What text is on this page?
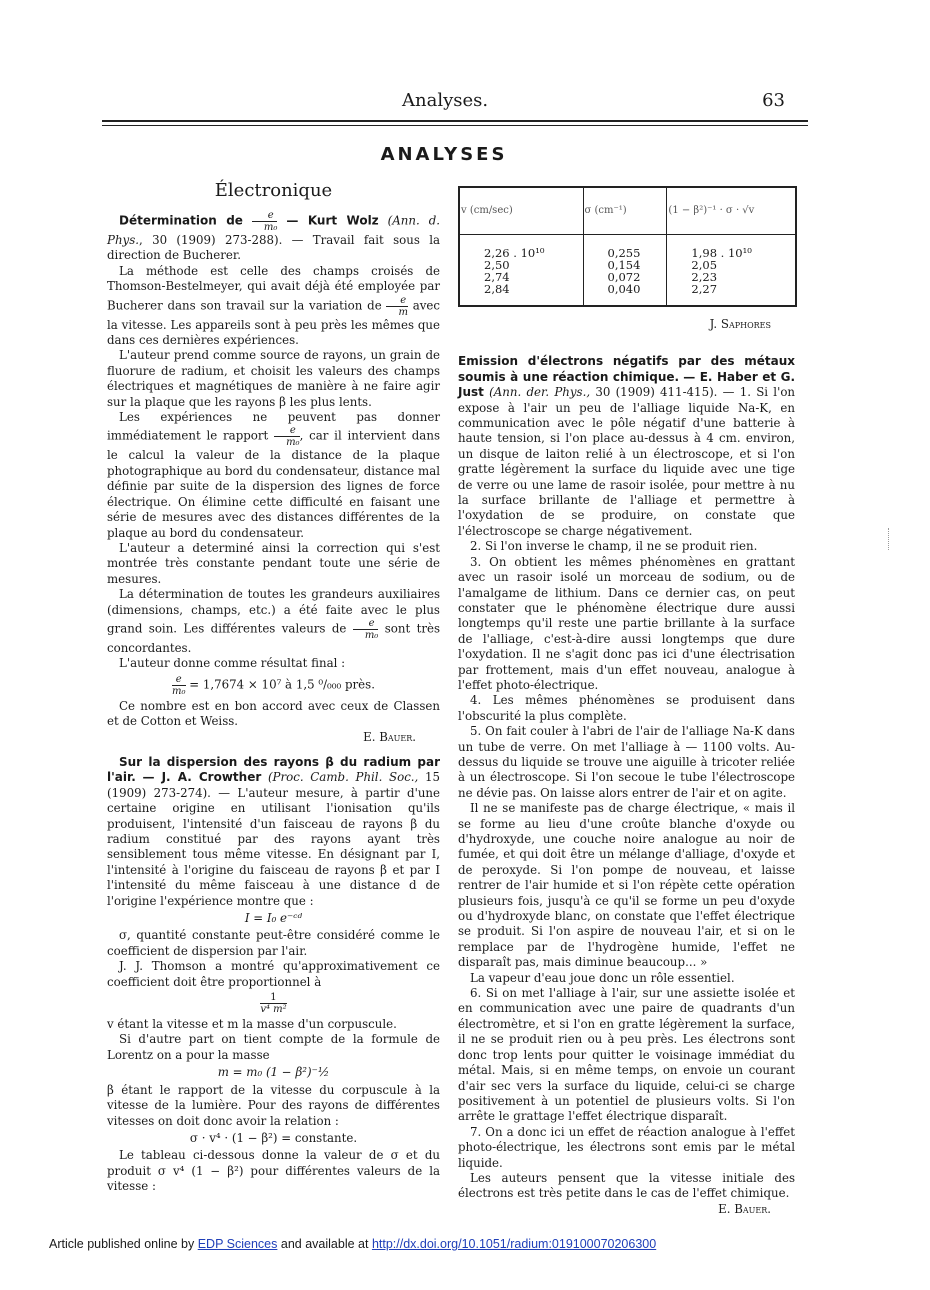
Analyses.	63
ANALYSES
Électronique

Détermination de $\frac{e}{\text{m₀}}$ — Kurt Wolz (Ann. d. Phys., 30 (1909) 273-288). — Travail fait sous la direction de Bucherer.

La méthode est celle des champs croisés de Thomson-Bestelmeyer, qui avait déjà été employée par Bucherer dans son travail sur la variation de $\frac{e}{m}$ avec la vitesse. Les appareils sont à peu près les mêmes que dans ces dernières expériences.

L'auteur prend comme source de rayons, un grain de fluorure de radium, et choisit les valeurs des champs électriques et magnétiques de manière à ne faire agir sur la plaque que les rayons β les plus lents.

Les expériences ne peuvent pas donner immédiatement le rapport $\frac{e}{\text{m₀}}$ , car il intervient dans le calcul la valeur de la distance de la plaque photographique au bord du condensateur, distance mal définie par suite de la dispersion des lignes de force électrique. On élimine cette difficulté en faisant une série de mesures avec des distances différentes de la plaque au bord du condensateur.

L'auteur a determiné ainsi la correction qui s'est montrée très constante pendant toute une série de mesures.

La détermination de toutes les grandeurs auxiliaires (dimensions, champs, etc.) a été faite avec le plus grand soin. Les différentes valeurs de $\frac{e}{\text{m₀}}$ sont très concordantes.

L'auteur donne comme résultat final :

$\frac{e}{\text{m₀}} = 1,7674 \times 10^7$ à 1,5 ⁰/₀₀₀ près.

Ce nombre est en bon accord avec ceux de Classen et de Cotton et Weiss.

E. Bauer.

Sur la dispersion des rayons β du radium par l'air. — J. A. Crowther (Proc. Camb. Phil. Soc., 15 (1909) 273-274). — L'auteur mesure, à partir d'une certaine origine en utilisant l'ionisation qu'ils produisent, l'intensité d'un faisceau de rayons β du radium constitué par des rayons ayant très sensiblement tous même vitesse. En désignant par I, l'intensité à l'origine du faisceau de rayons β et par I l'intensité du même faisceau à une distance d de l'origine l'expérience montre que :

I = I₀ e⁻ᶜᵈ

σ, quantité constante peut-être considéré comme le coefficient de dispersion par l'air.

J. J. Thomson a montré qu'approximativement ce coefficient doit être proportionnel à

$\frac{1}{\text{v⁴ m²}}$

v étant la vitesse et m la masse d'un corpuscule.

Si d'autre part on tient compte de la formule de Lorentz on a pour la masse

m = m₀ (1 − β²)⁻½

β étant le rapport de la vitesse du corpuscule à la vitesse de la lumière. Pour des rayons de différentes vitesses on doit donc avoir la relation :

σ · v⁴ · (1 − β²) = constante.

Le tableau ci-dessous donne la valeur de σ et du produit σ v⁴ (1 − β²) pour différentes valeurs de la vitesse :

v (cm/sec)	σ (cm⁻¹)	(1 − β²)⁻¹ · σ · √v
2,26 . 10¹⁰	0,255	1,98 . 10¹⁰
2,50	0,154	2,05
2,74	0,072	2,23
2,84	0,040	2,27

J. Saphores

Emission d'électrons négatifs par des métaux soumis à une réaction chimique. — E. Haber et G. Just (Ann. der. Phys., 30 (1909) 411-415). — 1. Si l'on expose à l'air un peu de l'alliage liquide Na-K, en communication avec le pôle négatif d'une batterie à haute tension, si l'on place au-dessus à 4 cm. environ, un disque de laiton relié à un électroscope, et si l'on gratte légèrement la surface du liquide avec une tige de verre ou une lame de rasoir isolée, pour mettre à nu la surface brillante de l'alliage et permettre à l'oxydation de se produire, on constate que l'électroscope se charge négativement.

2. Si l'on inverse le champ, il ne se produit rien.

3. On obtient les mêmes phénomènes en grattant avec un rasoir isolé un morceau de sodium, ou de l'amalgame de lithium. Dans ce dernier cas, on peut constater que le phénomène électrique dure aussi longtemps qu'il reste une partie brillante à la surface de l'alliage, c'est-à-dire aussi longtemps que dure l'oxydation. Il ne s'agit donc pas ici d'une électrisation par frottement, mais d'un effet nouveau, analogue à l'effet photo-électrique.

4. Les mêmes phénomènes se produisent dans l'obscurité la plus complète.

5. On fait couler à l'abri de l'air de l'alliage Na-K dans un tube de verre. On met l'alliage à — 1100 volts. Au-dessus du liquide se trouve une aiguille à tricoter reliée à un électroscope. Si l'on secoue le tube l'électroscope ne dévie pas. On laisse alors entrer de l'air et on agite.

Il ne se manifeste pas de charge électrique, « mais il se forme au lieu d'une croûte blanche d'oxyde ou d'hydroxyde, une couche noire analogue au noir de fumée, et qui doit être un mélange d'alliage, d'oxyde et de peroxyde. Si l'on pompe de nouveau, et laisse rentrer de l'air humide et si l'on répète cette opération plusieurs fois, jusqu'à ce qu'il se forme un peu d'oxyde ou d'hydroxyde blanc, on constate que l'effet électrique se produit. Si l'on aspire de nouveau l'air, et si on le remplace par de l'hydrogène humide, l'effet ne disparaît pas, mais diminue beaucoup... »

La vapeur d'eau joue donc un rôle essentiel.

6. Si on met l'alliage à l'air, sur une assiette isolée et en communication avec une paire de quadrants d'un électromètre, et si l'on en gratte légèrement la surface, il ne se produit rien ou à peu près. Les électrons sont donc trop lents pour quitter le voisinage immédiat du métal. Mais, si en même temps, on envoie un courant d'air sec vers la surface du liquide, celui-ci se charge positivement à un potentiel de plusieurs volts. Si l'on arrête le grattage l'effet électrique disparaît.

7. On a donc ici un effet de réaction analogue à l'effet photo-électrique, les électrons sont emis par le métal liquide.

Les auteurs pensent que la vitesse initiale des électrons est très petite dans le cas de l'effet chimique.

E. Bauer.

Article published online by EDP Sciences and available at http://dx.doi.org/10.1051/radium:019100070206300
